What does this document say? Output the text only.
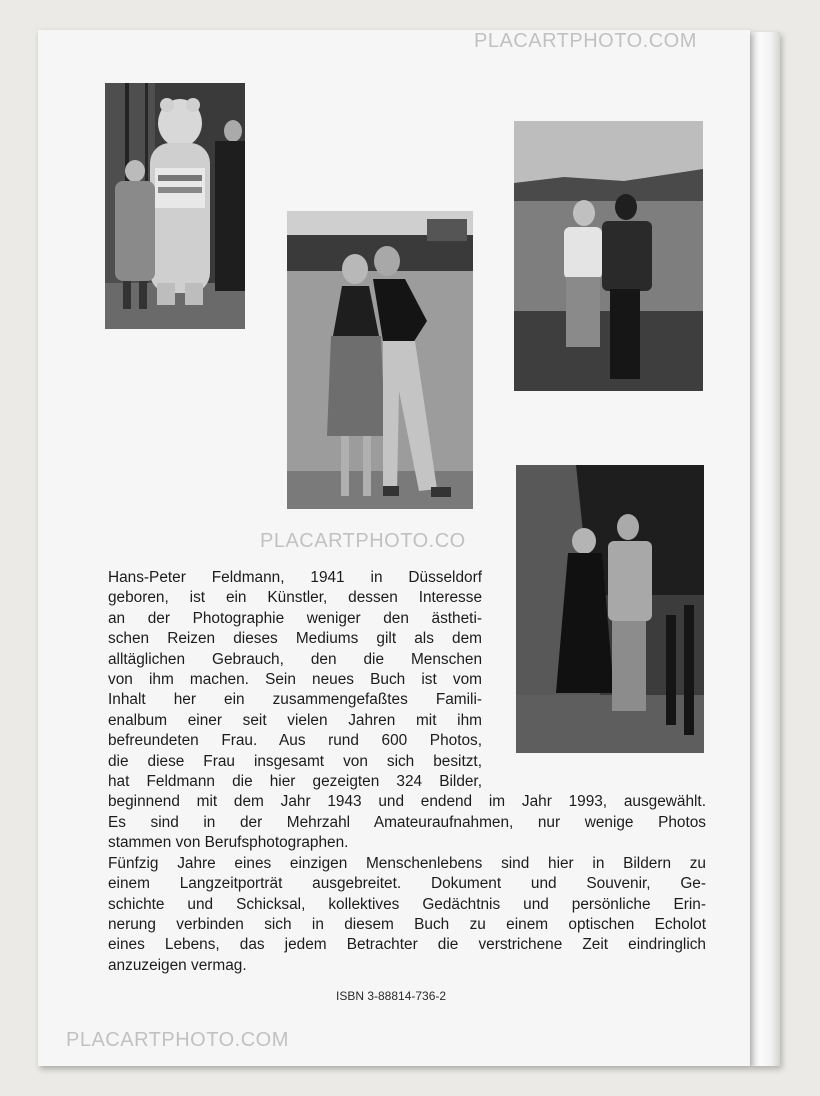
Hans-Peter Feldmann, 1941 in Düsseldorf
geboren, ist ein Künstler, dessen Interesse
an der Photographie weniger den ästheti-
schen Reizen dieses Mediums gilt als dem
alltäglichen Gebrauch, den die Menschen
von ihm machen. Sein neues Buch ist vom
Inhalt her ein zusammengefaßtes Famili-
enalbum einer seit vielen Jahren mit ihm
befreundeten Frau. Aus rund 600 Photos,
die diese Frau insgesamt von sich besitzt,
hat Feldmann die hier gezeigten 324 Bilder,
beginnend mit dem Jahr 1943 und endend im Jahr 1993, ausgewählt.
Es sind in der Mehrzahl Amateuraufnahmen, nur wenige Photos
stammen von Berufsphotographen.
Fünfzig Jahre eines einzigen Menschenlebens sind hier in Bildern zu
einem Langzeitporträt ausgebreitet. Dokument und Souvenir, Ge-
schichte und Schicksal, kollektives Gedächtnis und persönliche Erin-
nerung verbinden sich in diesem Buch zu einem optischen Echolot
eines Lebens, das jedem Betrachter die verstrichene Zeit eindringlich
anzuzeigen vermag.
ISBN 3-88814-736-2
PLACARTPHOTO.COM
PLACARTPHOTO.CO
PLACARTPHOTO.COM
